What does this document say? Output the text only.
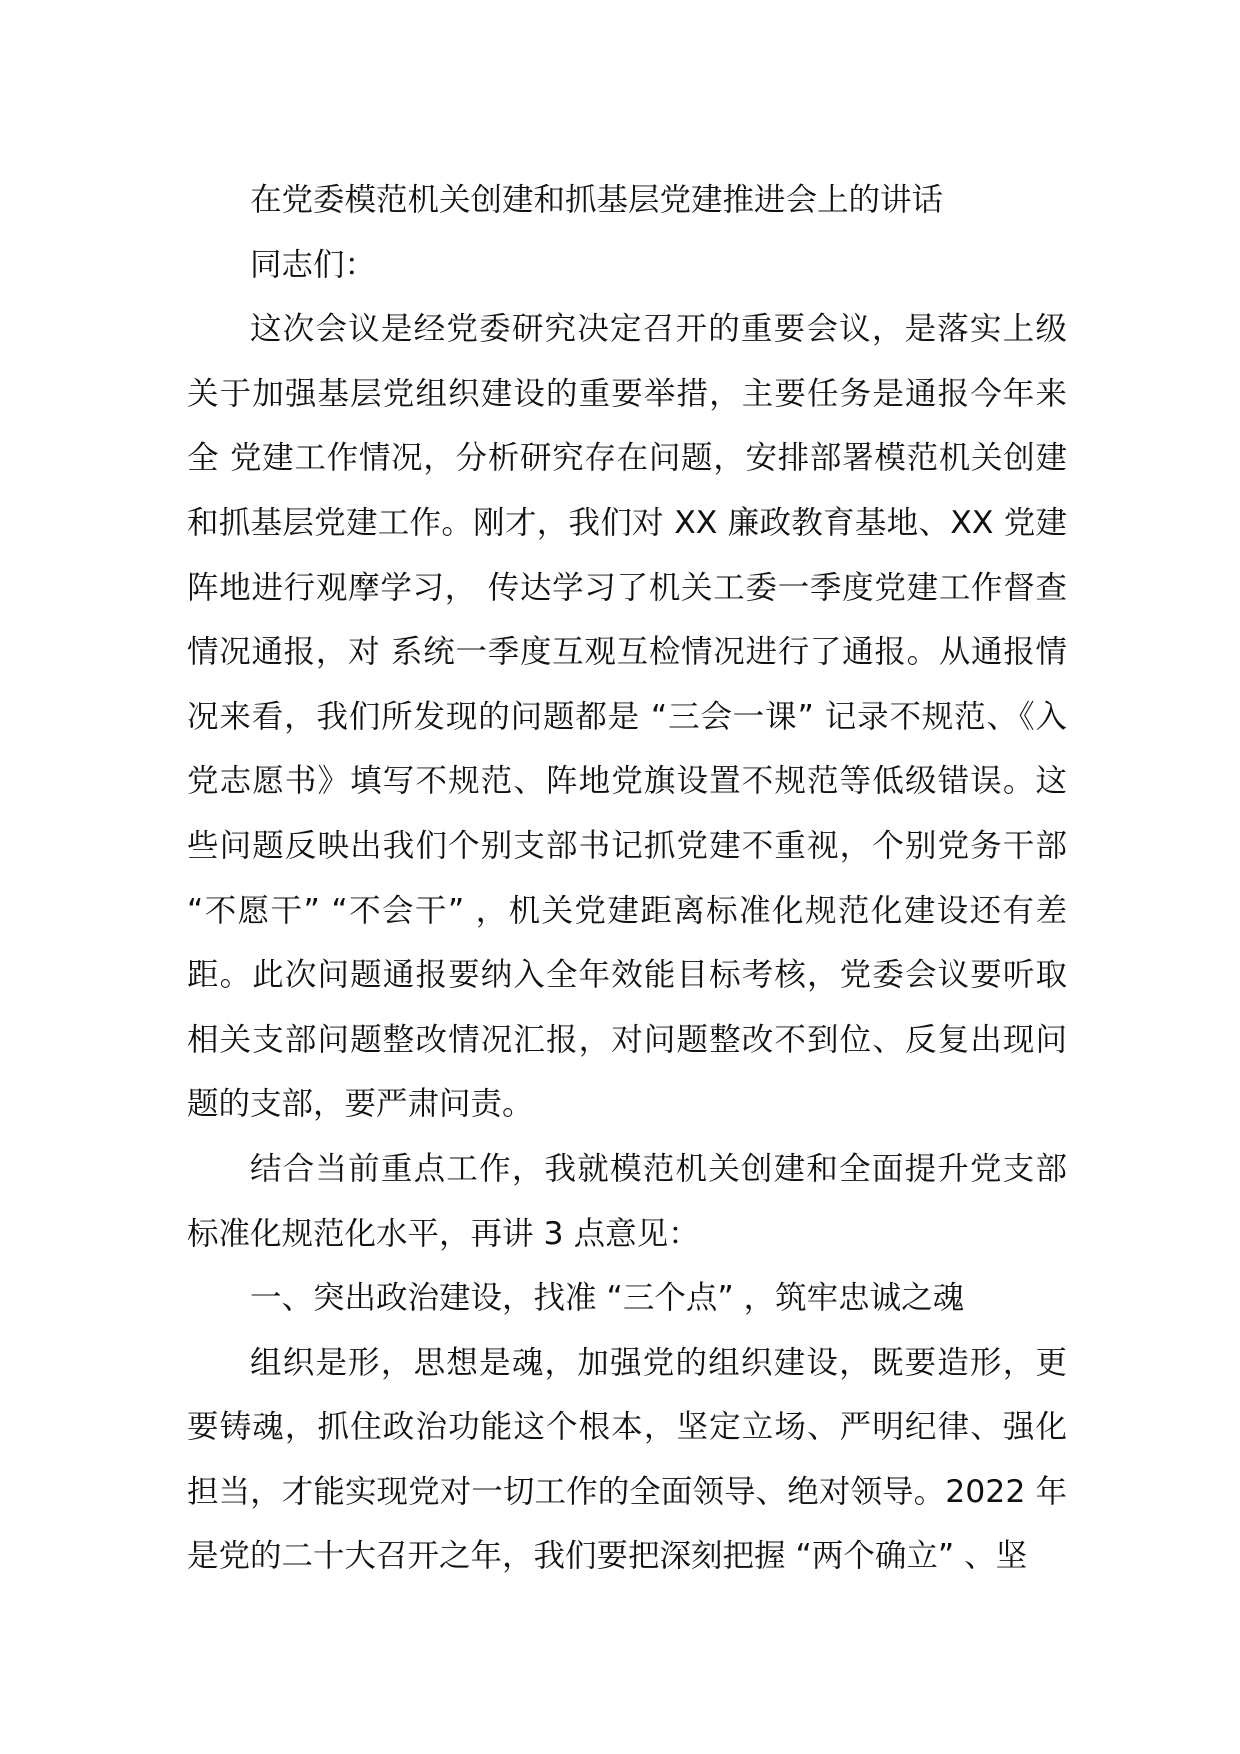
在党委模范机关创建和抓基层党建推进会上的讲话

同志们：

这次会议是经党委研究决定召开的重要会议，是落实上级关于加强基层党组织建设的重要举措，主要任务是通报今年来全 党建工作情况，分析研究存在问题，安排部署模范机关创建和抓基层党建工作。刚才，我们对 XX 廉政教育基地、XX 党建阵地进行观摩学习， 传达学习了机关工委一季度党建工作督查情况通报，对 系统一季度互观互检情况进行了通报。从通报情况来看，我们所发现的问题都是 “三会一课” 记录不规范、《入党志愿书》填写不规范、阵地党旗设置不规范等低级错误。这些问题反映出我们个别支部书记抓党建不重视，个别党务干部 “不愿干” “不会干” ，机关党建距离标准化规范化建设还有差距。此次问题通报要纳入全年效能目标考核，党委会议要听取相关支部问题整改情况汇报，对问题整改不到位、反复出现问题的支部，要严肃问责。

结合当前重点工作，我就模范机关创建和全面提升党支部标准化规范化水平，再讲 3 点意见：

一、突出政治建设，找准 “三个点” ，筑牢忠诚之魂

组织是形，思想是魂，加强党的组织建设，既要造形，更要铸魂，抓住政治功能这个根本，坚定立场、严明纪律、强化担当，才能实现党对一切工作的全面领导、绝对领导。2022 年是党的二十大召开之年，我们要把深刻把握 “两个确立” 、坚
